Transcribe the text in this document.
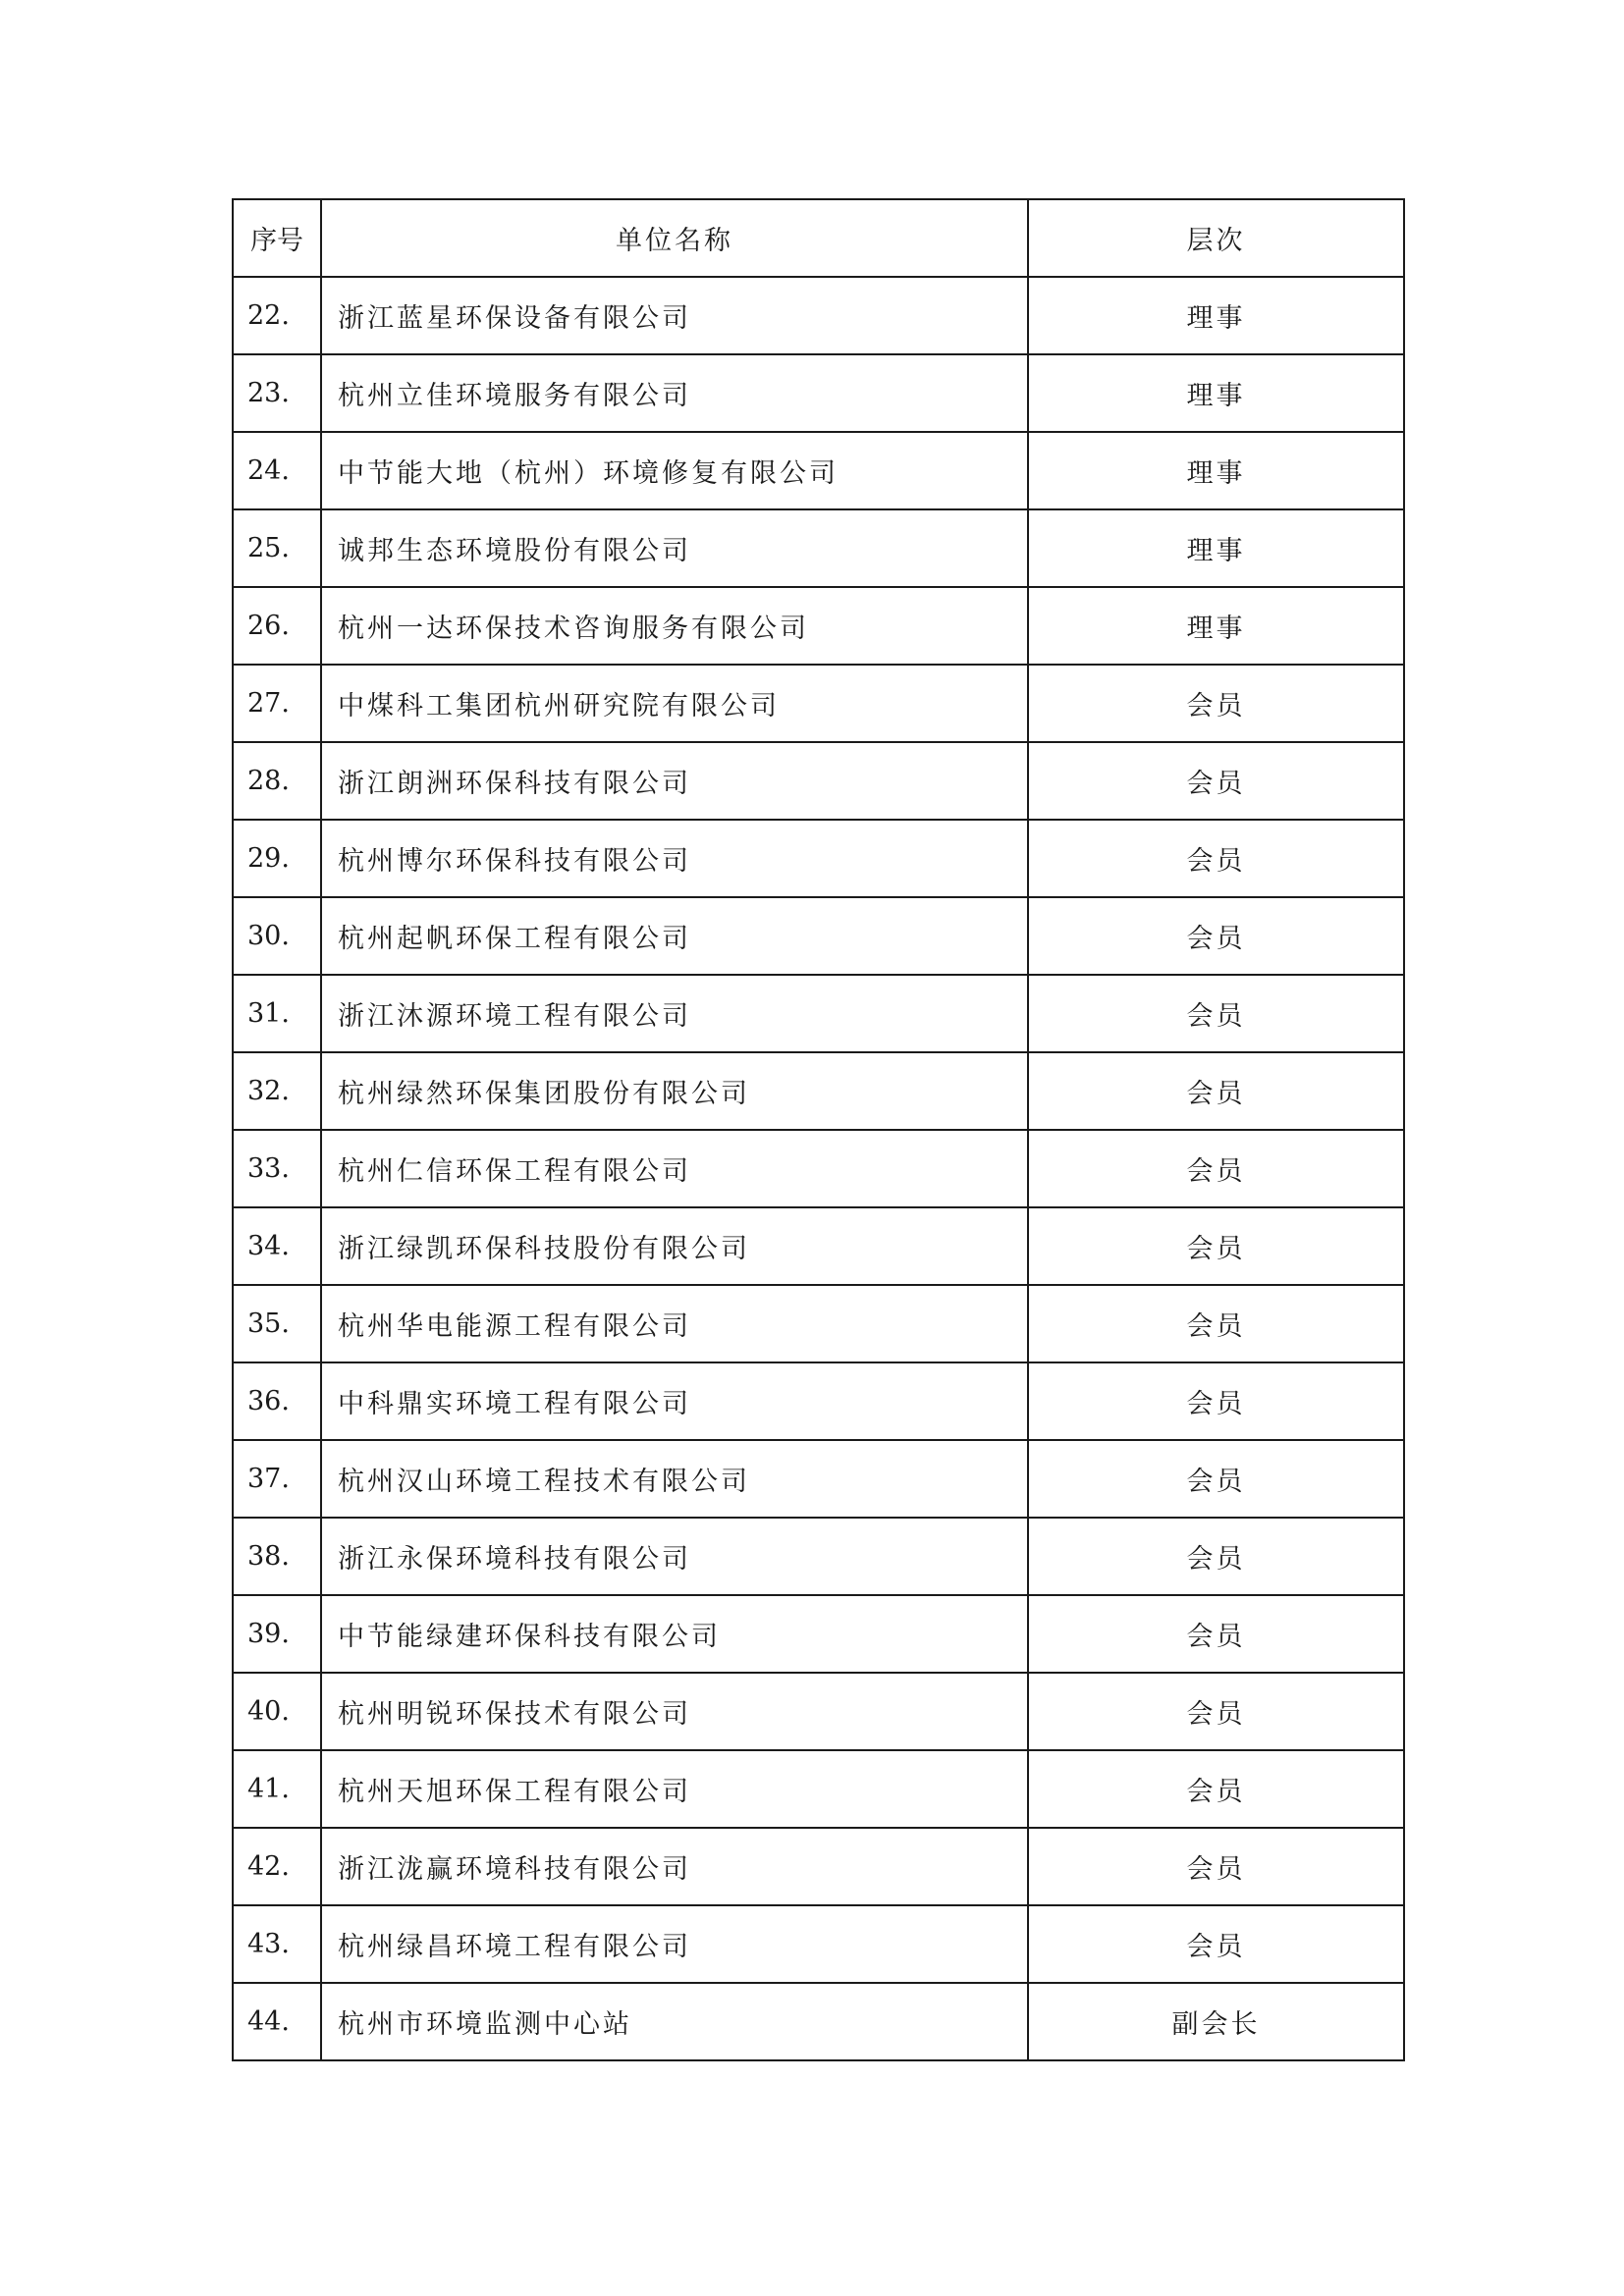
序号	单位名称	层次
22.	浙江蓝星环保设备有限公司	理事
23.	杭州立佳环境服务有限公司	理事
24.	中节能大地（杭州）环境修复有限公司	理事
25.	诚邦生态环境股份有限公司	理事
26.	杭州一达环保技术咨询服务有限公司	理事
27.	中煤科工集团杭州研究院有限公司	会员
28.	浙江朗洲环保科技有限公司	会员
29.	杭州博尔环保科技有限公司	会员
30.	杭州起帆环保工程有限公司	会员
31.	浙江沐源环境工程有限公司	会员
32.	杭州绿然环保集团股份有限公司	会员
33.	杭州仁信环保工程有限公司	会员
34.	浙江绿凯环保科技股份有限公司	会员
35.	杭州华电能源工程有限公司	会员
36.	中科鼎实环境工程有限公司	会员
37.	杭州汉山环境工程技术有限公司	会员
38.	浙江永保环境科技有限公司	会员
39.	中节能绿建环保科技有限公司	会员
40.	杭州明锐环保技术有限公司	会员
41.	杭州天旭环保工程有限公司	会员
42.	浙江泷赢环境科技有限公司	会员
43.	杭州绿昌环境工程有限公司	会员
44.	杭州市环境监测中心站	副会长
